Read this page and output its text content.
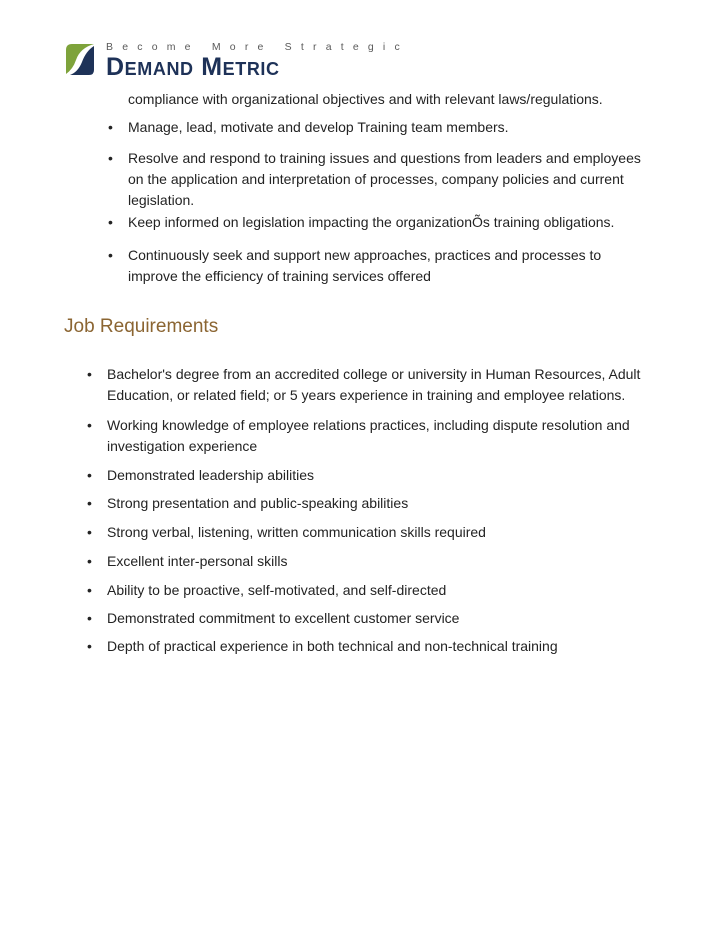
Become More Strategic
Demand Metric
compliance with organizational objectives and with relevant laws/regulations.
• Manage, lead, motivate and develop Training team members.
• Resolve and respond to training issues and questions from leaders and employees
on the application and interpretation of processes, company policies and current
legislation.
• Keep informed on legislation impacting the organizationÕs training obligations.
• Continuously seek and support new approaches, practices and processes to
improve the efficiency of training services offered
Job Requirements
• Bachelor's degree from an accredited college or university in Human Resources, Adult
Education, or related field; or 5 years experience in training and employee relations.
• Working knowledge of employee relations practices, including dispute resolution and
investigation experience
• Demonstrated leadership abilities
• Strong presentation and public-speaking abilities
• Strong verbal, listening, written communication skills required
• Excellent inter-personal skills
• Ability to be proactive, self-motivated, and self-directed
• Demonstrated commitment to excellent customer service
• Depth of practical experience in both technical and non-technical training
